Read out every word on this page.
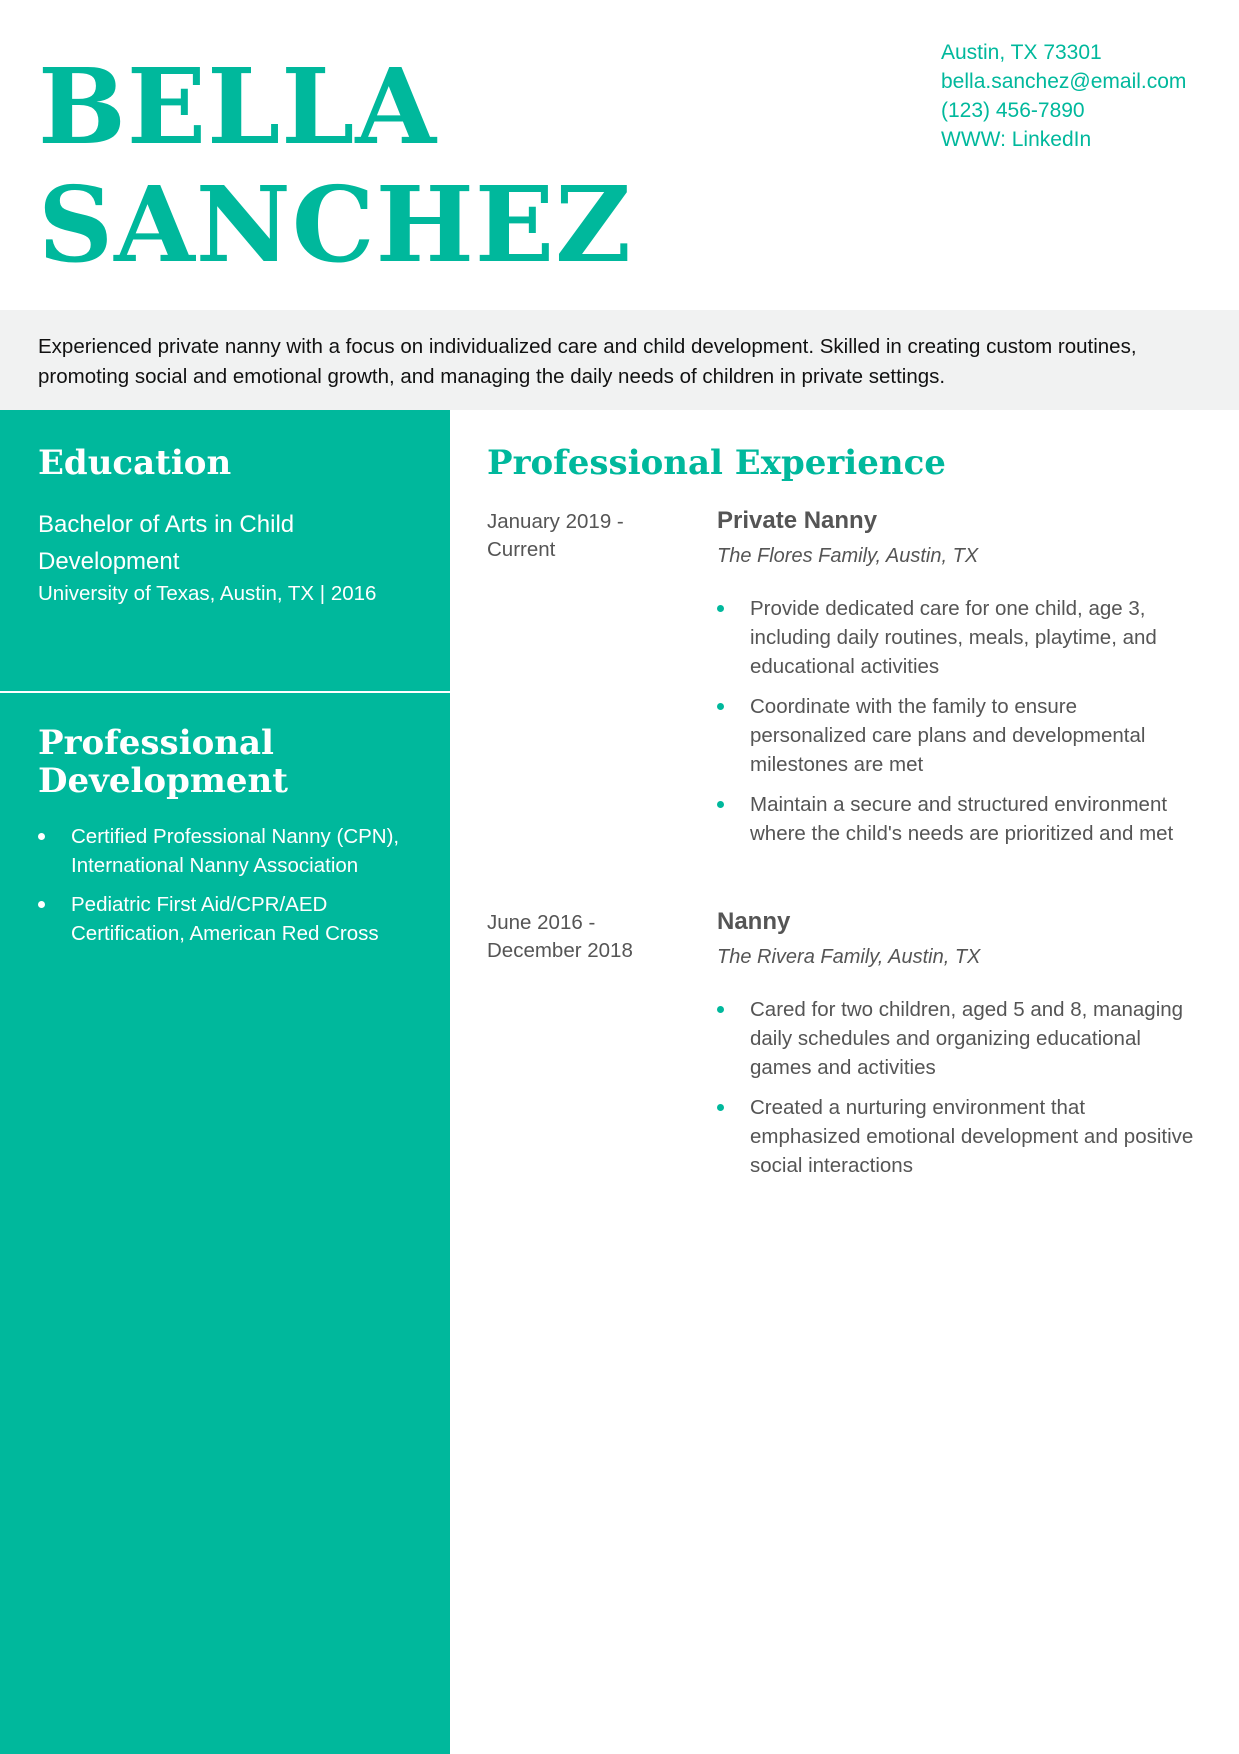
BELLA
SANCHEZ
Austin, TX 73301
bella.sanchez@email.com
(123) 456-7890
WWW: LinkedIn

Experienced private nanny with a focus on individualized care and child development. Skilled in creating custom routines, promoting social and emotional growth, and managing the daily needs of children in private settings.

Education
Bachelor of Arts in Child Development
University of Texas, Austin, TX | 2016
Professional Development
Certified Professional Nanny (CPN), International Nanny Association
Pediatric First Aid/CPR/AED Certification, American Red Cross
Professional Experience
January 2019 - Current
Private Nanny
The Flores Family, Austin, TX
Provide dedicated care for one child, age 3, including daily routines, meals, playtime, and educational activities
Coordinate with the family to ensure personalized care plans and developmental milestones are met
Maintain a secure and structured environment where the child's needs are prioritized and met
June 2016 - December 2018
Nanny
The Rivera Family, Austin, TX
Cared for two children, aged 5 and 8, managing daily schedules and organizing educational games and activities
Created a nurturing environment that emphasized emotional development and positive social interactions
